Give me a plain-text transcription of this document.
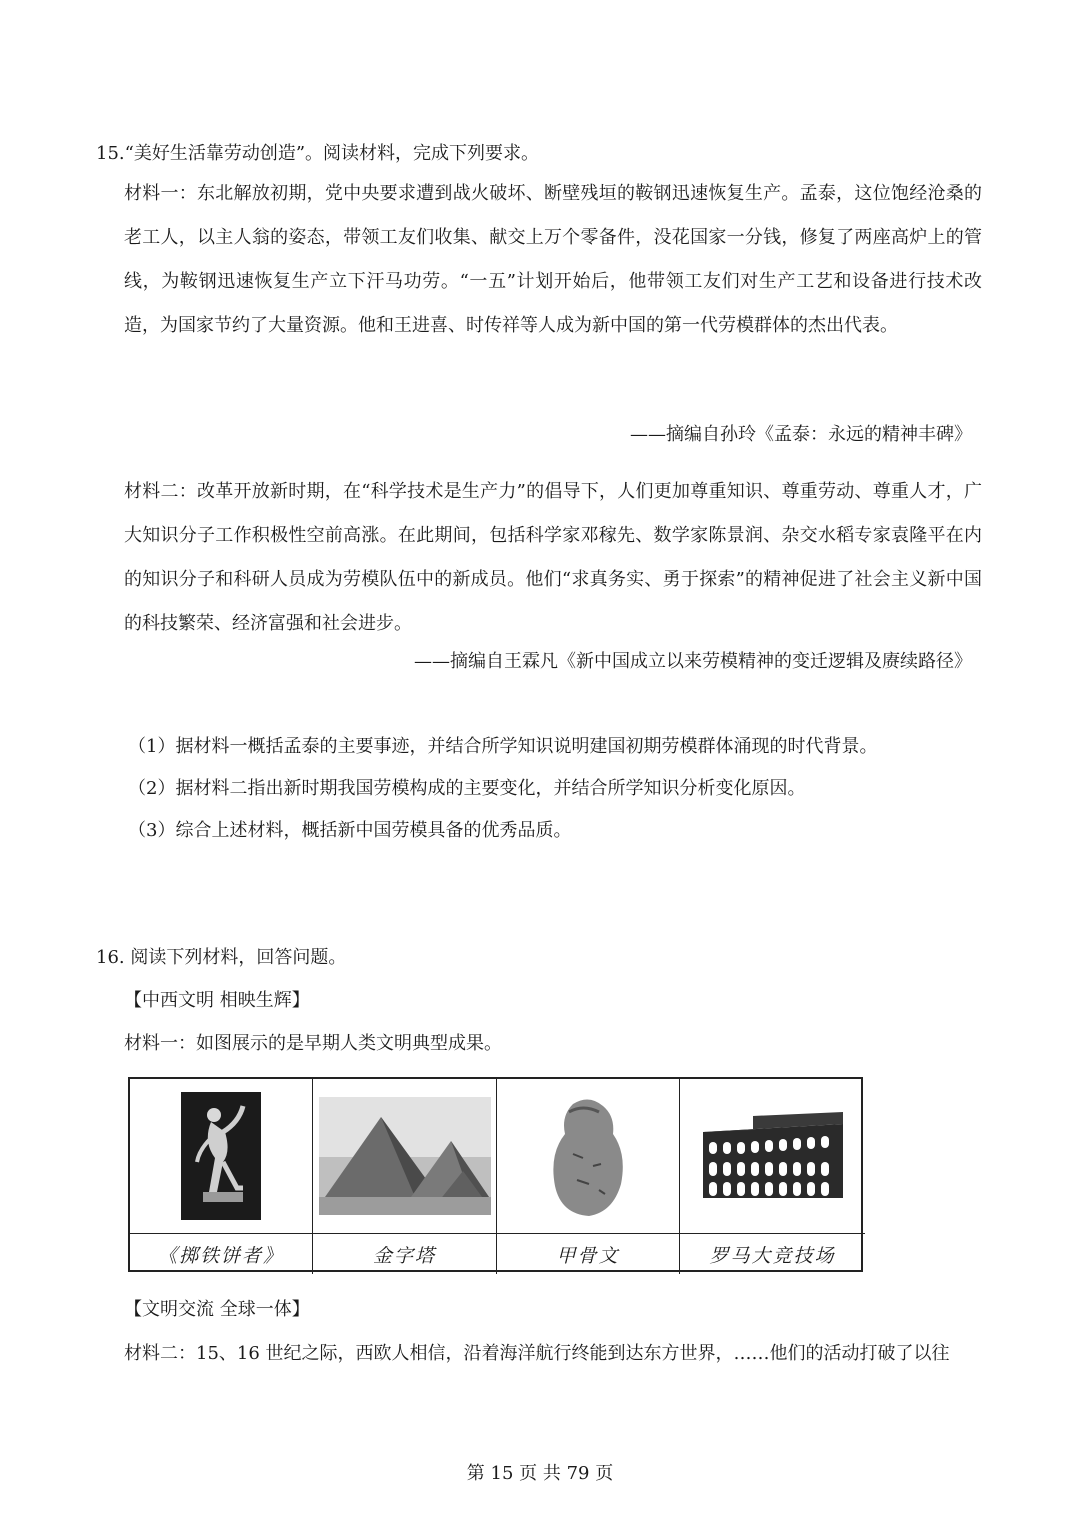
15.“美好生活靠劳动创造”。阅读材料，完成下列要求。
材料一：东北解放初期，党中央要求遭到战火破坏、断壁残垣的鞍钢迅速恢复生产。孟泰，这位饱经沧桑的老工人，以主人翁的姿态，带领工友们收集、献交上万个零备件，没花国家一分钱，修复了两座高炉上的管线，为鞍钢迅速恢复生产立下汗马功劳。“一五”计划开始后，他带领工友们对生产工艺和设备进行技术改造，为国家节约了大量资源。他和王进喜、时传祥等人成为新中国的第一代劳模群体的杰出代表。
——摘编自孙玲《孟泰：永远的精神丰碑》
材料二：改革开放新时期，在“科学技术是生产力”的倡导下，人们更加尊重知识、尊重劳动、尊重人才，广大知识分子工作积极性空前高涨。在此期间，包括科学家邓稼先、数学家陈景润、杂交水稻专家袁隆平在内的知识分子和科研人员成为劳模队伍中的新成员。他们“求真务实、勇于探索”的精神促进了社会主义新中国的科技繁荣、经济富强和社会进步。
——摘编自王霖凡《新中国成立以来劳模精神的变迁逻辑及赓续路径》
（1）据材料一概括孟泰的主要事迹，并结合所学知识说明建国初期劳模群体涌现的时代背景。
（2）据材料二指出新时期我国劳模构成的主要变化，并结合所学知识分析变化原因。
（3）综合上述材料，概括新中国劳模具备的优秀品质。
16. 阅读下列材料，回答问题。
【中西文明 相映生辉】
材料一：如图展示的是早期人类文明典型成果。
《掷铁饼者》	金字塔	甲骨文	罗马大竞技场
【文明交流 全球一体】
材料二：15、16 世纪之际，西欧人相信，沿着海洋航行终能到达东方世界，……他们的活动打破了以往
第 15 页 共 79 页
